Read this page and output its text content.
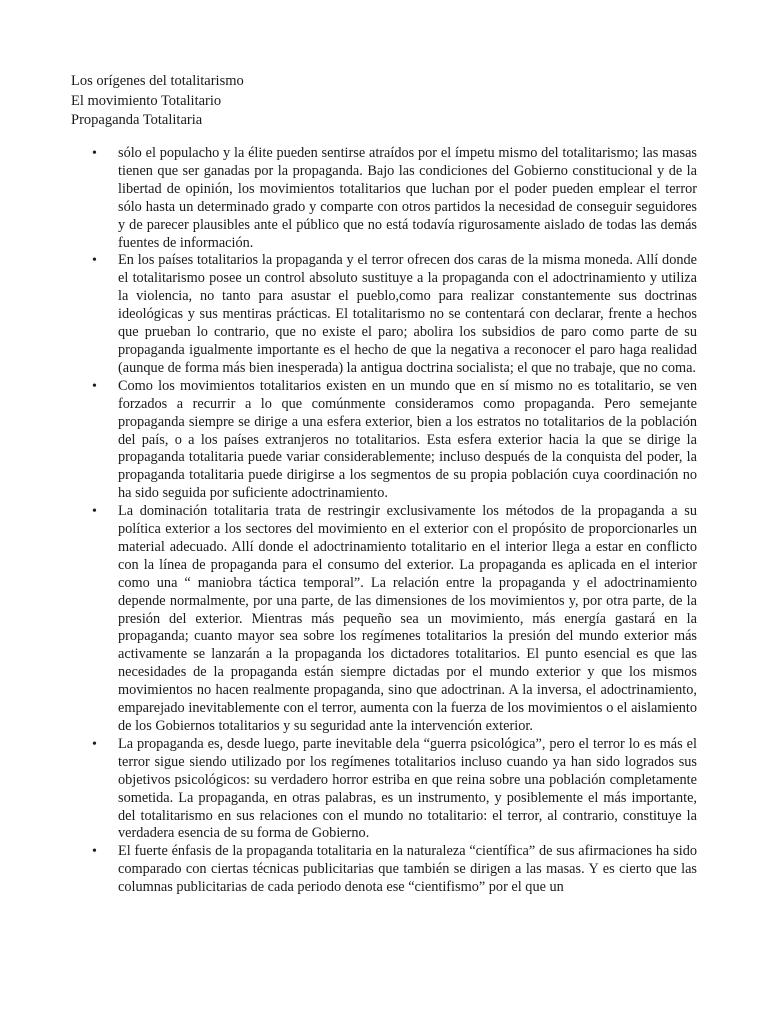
Los orígenes del totalitarismo
El movimiento Totalitario
Propaganda Totalitaria
• sólo el populacho y la élite pueden sentirse atraídos por el ímpetu mismo del totalitarismo; las masas tienen que ser ganadas por la propaganda. Bajo las condiciones del Gobierno constitucional y de la libertad de opinión, los movimientos totalitarios que luchan por el poder pueden emplear el terror sólo hasta un determinado grado y comparte con otros partidos la necesidad de conseguir seguidores y de parecer plausibles ante el público que no está todavía rigurosamente aislado de todas las demás fuentes de información.
• En los países totalitarios la propaganda y el terror ofrecen dos caras de la misma moneda. Allí donde el totalitarismo posee un control absoluto sustituye a la propaganda con el adoctrinamiento y utiliza la violencia, no tanto para asustar el pueblo,como para realizar constantemente sus doctrinas ideológicas y sus mentiras prácticas. El totalitarismo no se contentará con declarar, frente a hechos que prueban lo contrario, que no existe el paro; abolira los subsidios de paro como parte de su propaganda igualmente importante es el hecho de que la negativa a reconocer el paro haga realidad (aunque de forma más bien inesperada) la antigua doctrina socialista; el que no trabaje, que no coma.
• Como los movimientos totalitarios existen en un mundo que en sí mismo no es totalitario, se ven forzados a recurrir a lo que comúnmente consideramos como propaganda. Pero semejante propaganda siempre se dirige a una esfera exterior, bien a los estratos no totalitarios de la población del país, o a los países extranjeros no totalitarios. Esta esfera exterior hacia la que se dirige la propaganda totalitaria puede variar considerablemente; incluso después de la conquista del poder, la propaganda totalitaria puede dirigirse a los segmentos de su propia población cuya coordinación no ha sido seguida por suficiente adoctrinamiento.
• La dominación totalitaria trata de restringir exclusivamente los métodos de la propaganda a su política exterior a los sectores del movimiento en el exterior con el propósito de proporcionarles un material adecuado. Allí donde el adoctrinamiento totalitario en el interior llega a estar en conflicto con la línea de propaganda para el consumo del exterior. La propaganda es aplicada en el interior como una “ maniobra táctica temporal”. La relación entre la propaganda y el adoctrinamiento depende normalmente, por una parte, de las dimensiones de los movimientos y, por otra parte, de la presión del exterior. Mientras más pequeño sea un movimiento, más energía gastará en la propaganda; cuanto mayor sea sobre los regímenes totalitarios la presión del mundo exterior más activamente se lanzarán a la propaganda los dictadores totalitarios. El punto esencial es que las necesidades de la propaganda están siempre dictadas por el mundo exterior y que los mismos movimientos no hacen realmente propaganda, sino que adoctrinan. A la inversa, el adoctrinamiento, emparejado inevitablemente con el terror, aumenta con la fuerza de los movimientos o el aislamiento de los Gobiernos totalitarios y su seguridad ante la intervención exterior.
• La propaganda es, desde luego, parte inevitable dela “guerra psicológica”, pero el terror lo es más el terror sigue siendo utilizado por los regímenes totalitarios incluso cuando ya han sido logrados sus objetivos psicológicos: su verdadero horror estriba en que reina sobre una población completamente sometida. La propaganda, en otras palabras, es un instrumento, y posiblemente el más importante, del totalitarismo en sus relaciones con el mundo no totalitario: el terror, al contrario, constituye la verdadera esencia de su forma de Gobierno.
• El fuerte énfasis de la propaganda totalitaria en la naturaleza “científica” de sus afirmaciones ha sido comparado con ciertas técnicas publicitarias que también se dirigen a las masas. Y es cierto que las columnas publicitarias de cada periodo denota ese “cientifismo” por el que un
